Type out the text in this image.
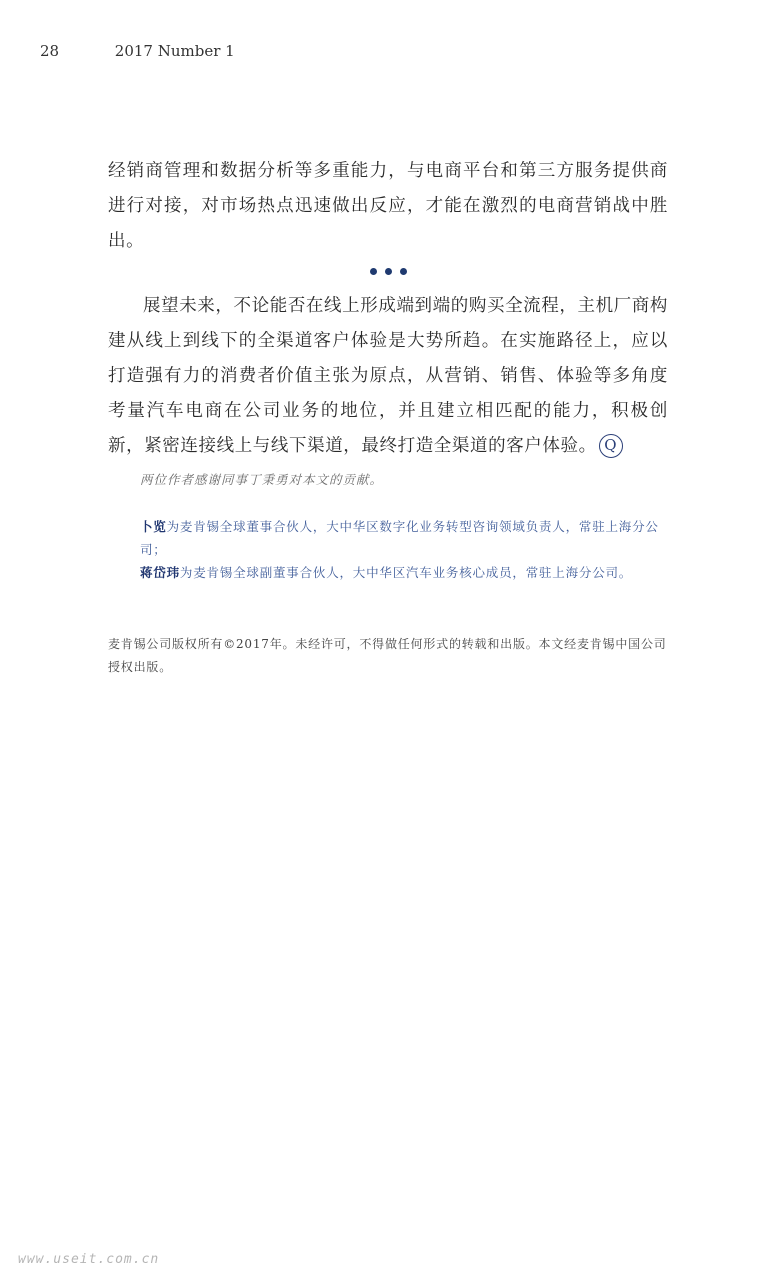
28	2017 Number 1

经销商管理和数据分析等多重能力，与电商平台和第三方服务提供商进行对接，对市场热点迅速做出反应，才能在激烈的电商营销战中胜出。

展望未来，不论能否在线上形成端到端的购买全流程，主机厂商构建从线上到线下的全渠道客户体验是大势所趋。在实施路径上，应以打造强有力的消费者价值主张为原点，从营销、销售、体验等多角度考量汽车电商在公司业务的地位，并且建立相匹配的能力，积极创新，紧密连接线上与线下渠道，最终打造全渠道的客户体验。 Q

两位作者感谢同事丁秉勇对本文的贡献。

卜览为麦肯锡全球董事合伙人，大中华区数字化业务转型咨询领域负责人，常驻上海分公司；

蒋岱玮为麦肯锡全球副董事合伙人，大中华区汽车业务核心成员，常驻上海分公司。

麦肯锡公司版权所有©2017年。未经许可，不得做任何形式的转载和出版。本文经麦肯锡中国公司授权出版。
www.useit.com.cn
